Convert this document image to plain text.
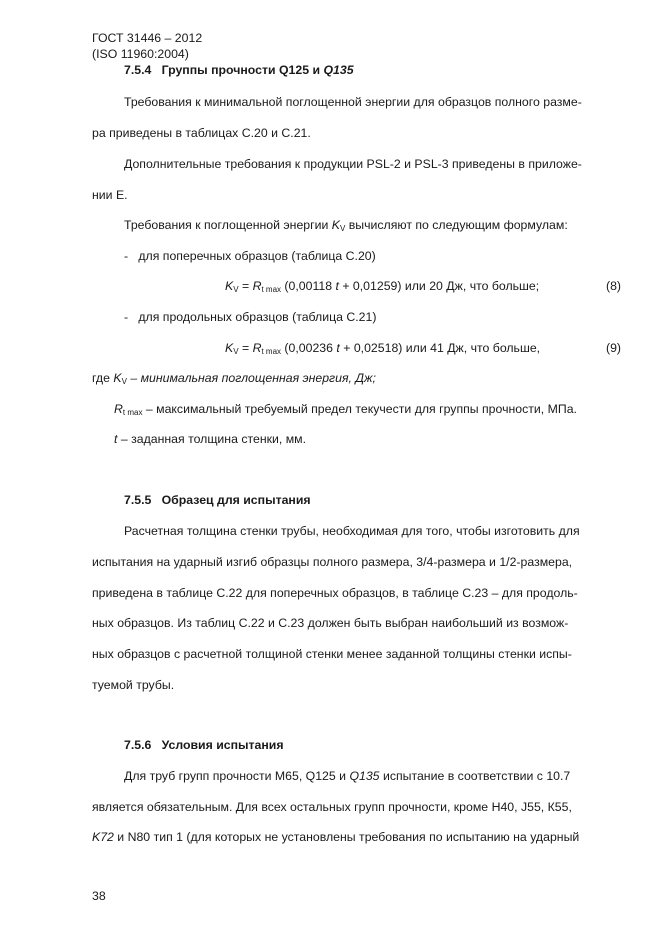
ГОСТ 31446 – 2012
(ISO 11960:2004)
7.5.4 Группы прочности Q125 и Q135
Требования к минимальной поглощенной энергии для образцов полного разме-
ра приведены в таблицах С.20 и С.21.
Дополнительные требования к продукции PSL-2 и PSL-3 приведены в приложе-
нии Е.
Требования к поглощенной энергии KV вычисляют по следующим формулам:
- для поперечных образцов (таблица С.20)
KV = Rt max (0,00118 t + 0,01259) или 20 Дж, что больше;	(8)
- для продольных образцов (таблица С.21)
KV = Rt max (0,00236 t + 0,02518) или 41 Дж, что больше,	(9)
где KV – минимальная поглощенная энергия, Дж;
Rt max – максимальный требуемый предел текучести для группы прочности, МПа.
t – заданная толщина стенки, мм.
7.5.5 Образец для испытания
Расчетная толщина стенки трубы, необходимая для того, чтобы изготовить для
испытания на ударный изгиб образцы полного размера, 3/4-размера и 1/2-размера,
приведена в таблице С.22 для поперечных образцов, в таблице С.23 – для продоль-
ных образцов. Из таблиц С.22 и С.23 должен быть выбран наибольший из возмож-
ных образцов с расчетной толщиной стенки менее заданной толщины стенки испы-
туемой трубы.
7.5.6 Условия испытания
Для труб групп прочности М65, Q125 и Q135 испытание в соответствии с 10.7
является обязательным. Для всех остальных групп прочности, кроме Н40, J55, К55,
K72 и N80 тип 1 (для которых не установлены требования по испытанию на ударный
38
